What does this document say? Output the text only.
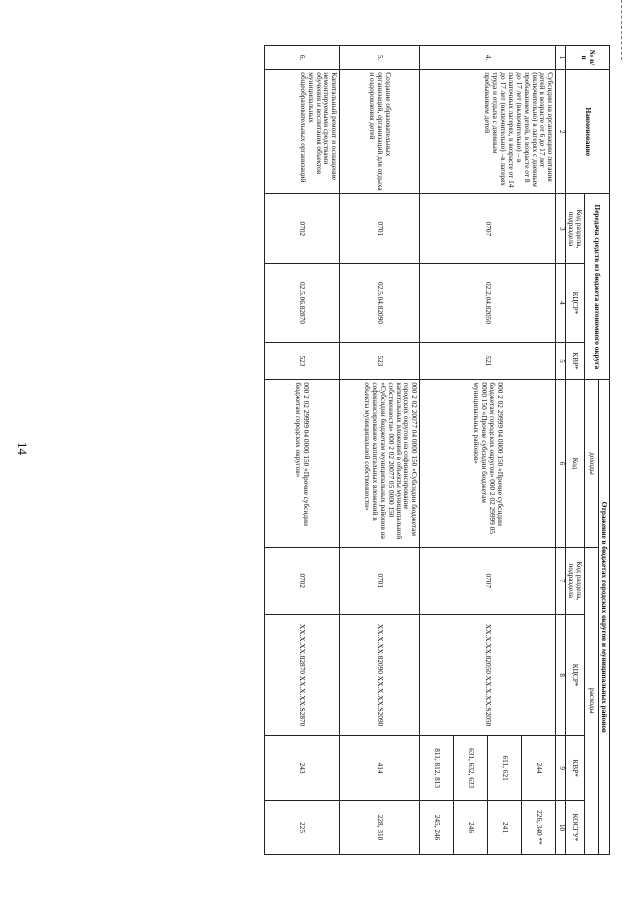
14
№ п/п	Наименование	Передача средств из бюджета автономного округа			Отражение в бюджетах городских округов и муниципальных районов				
					доходы	расходы			
		Код раздела, подраздела	КЦСР*	КВР*	Код	Код раздела, подраздела	КЦСР*	КВР*	КОСГУ*

1	2	3	4	5	6	7	8	9	10
4.	Субсидии на организацию питания детей в возрасте от 6 до 17 лет (включительно) в лагерях с дневным пребыванием детей, в возрасте от 8 до 17 лет (включительно) – в палаточных лагерях, в возрасте от 14 до 17 лет (включительно) –в лагерях труда и отдыха с дневным пребыванием детей	0707	02.2.04.82050	521	000 2 02 29999 04 0000 150 «Прочие субсидии бюджетам городских округов» 000 2 02 29999 05 0000 150 «Прочие субсидии бюджетам муниципальных районов»	0707	ХХ.Х.ХХ.82050 ХХ.Х.ХХ.S2050	244	226, 340 **
								611, 621	241
								631, 632, 633	246
								811, 812, 813	245, 246
5.	Создание образовательных организаций, организаций для отдыха и оздоровления детей	0701	02.5.04.82090	523	000 2 02 20077 04 0000 150 «Субсидии бюджетам городских округов на софинансирование капитальных вложений в объекты муниципальной собственности» 000 2 02 20077 05 0000 150 «Субсидии бюджетам муниципальных районов на софинансирование капитальных вложений в объекты муниципальной собственности»	0701	ХХ.Х.ХХ.82090 ХХ.Х.ХХ.S2090	414	228, 310
6.	Капитальный ремонт и оснащение немонтируемыми средствами обучения и воспитания объектов муниципальных общеобразовательных организаций	0702	02.5.06.82870	523	000 2 02 29999 04 0000 150 «Прочие субсидии бюджетам городских округов»	0702	ХХ.Х.ХХ.82870 ХХ.Х.ХХ.S2870	243	225
